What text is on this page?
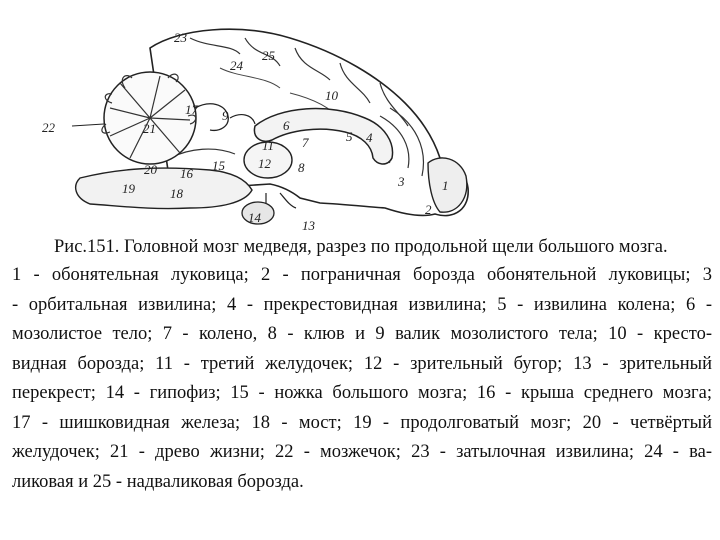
1
2
3
4
5
6
7
8
9
10
11
12
13
14
15
16
17
18
19
20
21
22
23
24
25
Рис.151. Головной мозг медведя, разрез по продольной щели большого мозга.
1 - обонятельная луковица; 2 - пограничная борозда обонятельной луковицы; 3
- орбитальная извилина; 4 - прекрестовидная извилина; 5 - извилина колена; 6 -
мозолистое тело; 7 - колено, 8 - клюв и 9 валик мозолистого тела; 10 - кресто-
видная борозда; 11 - третий желудочек; 12 - зрительный бугор; 13 - зрительный
перекрест; 14 - гипофиз; 15 - ножка большого мозга; 16 - крыша среднего мозга;
17 - шишковидная железа; 18 - мост; 19 - продолговатый мозг; 20 - четвёртый
желудочек; 21 - древо жизни; 22 - мозжечок; 23 - затылочная извилина; 24 - ва-
ликовая и 25 - надваликовая борозда.
